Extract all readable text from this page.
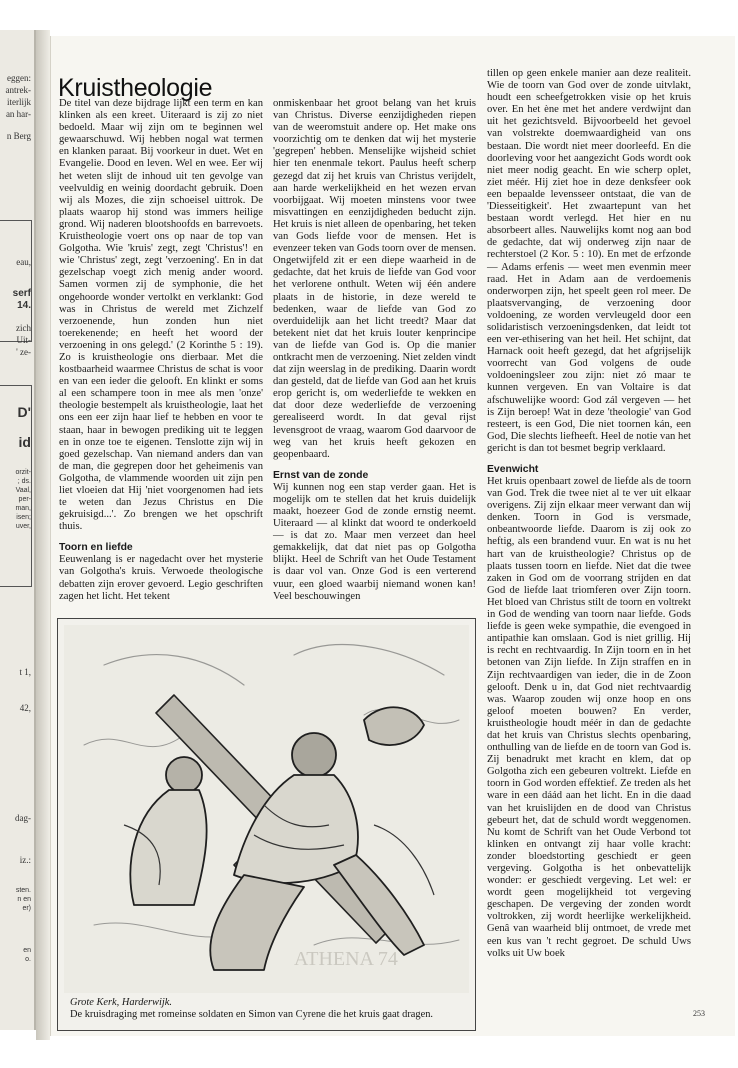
eggen:
antrek-
iterlijk
an har-
n Berg
eau,
serf
14.
zich
Uit-
' ze-
D'
id
orzit-
; ds.
Vaal,
per-
man,
isen;
uver,
t 1,
42,
dag-
iz.:
sten.
n en
er)
en
o.
Kruistheologie

De titel van deze bijdrage lijkt een term en kan klinken als een kreet. Uiteraard is zij zo niet bedoeld. Maar wij zijn om te beginnen wel gewaarschuwd. Wij hebben nogal wat termen en klanken paraat. Bij voorkeur in duet. Wet en Evangelie. Dood en leven. Wel en wee. Eer wij het weten slijt de inhoud uit ten gevolge van veelvuldig en weinig doordacht gebruik. Doen wij als Mozes, die zijn schoeisel uittrok. De plaats waarop hij stond was immers heilige grond. Wij naderen blootshoofds en barrevoets. Kruistheologie voert ons op naar de top van Golgotha. Wie 'kruis' zegt, zegt 'Christus'! en wie 'Christus' zegt, zegt 'verzoening'. En in dat gezelschap voegt zich menig ander woord. Samen vormen zij de symphonie, die het ongehoorde wonder vertolkt en verklankt: God was in Christus de wereld met Zichzelf verzoenende, hun zonden hun niet toerekenende; en heeft het woord der verzoening in ons gelegd.' (2 Korinthe 5 : 19). Zo is kruistheologie ons dierbaar. Met die kostbaarheid waarmee Christus de schat is voor en van een ieder die gelooft. En klinkt er soms al een schampere toon in mee als men 'onze' theologie bestempelt als kruistheologie, laat het ons een eer zijn haar lief te hebben en voor te staan, haar in bewogen prediking uit te leggen en in onze toe te eigenen. Tenslotte zijn wij in goed gezelschap. Van niemand anders dan van de man, die gegrepen door het geheimenis van Golgotha, de vlammende woorden uit zijn pen liet vloeien dat Hij 'niet voorgenomen had iets te weten dan Jezus Christus en Die gekruisigd...'. Zo brengen we het opschrift thuis.

Toorn en liefde

Eeuwenlang is er nagedacht over het mysterie van Golgotha's kruis. Verwoede theologische debatten zijn erover gevoerd. Legio geschriften zagen het licht. Het tekent

onmiskenbaar het groot belang van het kruis van Christus. Diverse eenzijdigheden riepen van de weeromstuit andere op. Het make ons voorzichtig om te denken dat wij het mysterie 'gegrepen' hebben. Menselijke wijsheid schiet hier ten enenmale tekort. Paulus heeft scherp gezegd dat zij het kruis van Christus verijdelt, aan harde werkelijkheid en het wezen ervan voorbijgaat. Wij moeten minstens voor twee misvattingen en eenzijdigheden beducht zijn. Het kruis is niet alleen de openbaring, het teken van Gods liefde voor de mensen. Het is evenzeer teken van Gods toorn over de mensen. Ongetwijfeld zit er een diepe waarheid in de gedachte, dat het kruis de liefde van God voor het verlorene onthult. Weten wij één andere plaats in de historie, in deze wereld te bedenken, waar de liefde van God zo overduidelijk aan het licht treedt? Maar dat betekent niet dat het kruis louter kenprincipe van de liefde van God is. Op die manier ontkracht men de verzoening. Niet zelden vindt dat zijn weerslag in de prediking. Daarin wordt dan gesteld, dat de liefde van God aan het kruis erop gericht is, om wederliefde te wekken en dat door deze wederliefde de verzoening gerealiseerd wordt. In dat geval rijst levensgroot de vraag, waarom God daarvoor de weg van het kruis heeft gekozen en geopenbaard.

Ernst van de zonde

Wij kunnen nog een stap verder gaan. Het is mogelijk om te stellen dat het kruis duidelijk maakt, hoezeer God de zonde ernstig neemt. Uiteraard — al klinkt dat woord te onderkoeld — is dat zo. Maar men verzeet dan heel gemakkelijk, dat dat niet pas op Golgotha blijkt. Heel de Schrift van het Oude Testament is daar vol van. Onze God is een verterend vuur, een gloed waarbij niemand wonen kan! Veel beschouwingen

tillen op geen enkele manier aan deze realiteit. Wie de toorn van God over de zonde uitvlakt, houdt een scheefgetrokken visie op het kruis over. En het ène met het andere verdwijnt dan uit het gezichtsveld. Bijvoorbeeld het gevoel van volstrekte doemwaardigheid van ons bestaan. Die wordt niet meer doorleefd. En die doorleving voor het aangezicht Gods wordt ook niet meer nodig geacht. En wie scherp oplet, ziet méér. Hij ziet hoe in deze denksfeer ook een bepaalde levensseer ontstaat, die van de 'Diesseitigkeit'. Het zwaartepunt van het bestaan wordt verlegd. Het hier en nu absorbeert alles. Nauwelijks komt nog aan bod de gedachte, dat wij onderweg zijn naar de rechterstoel (2 Kor. 5 : 10). En met de erfzonde — Adams erfenis — weet men evenmin meer raad. Het in Adam aan de verdoemenis onderworpen zijn, het speelt geen rol meer. De plaatsvervanging, de verzoening door voldoening, ze worden vervleugeld door een solidaristisch verzoeningsdenken, dat leidt tot een ver-ethisering van het heil. Het schijnt, dat Harnack ooit heeft gezegd, dat het afgrijselijk voorrecht van God volgens de oude voldoeningsleer zou zijn: niet zó maar te kunnen vergeven. En van Voltaire is dat afschuwelijke woord: God zál vergeven — het is Zijn beroep! Wat in deze 'theologie' van God resteert, is een God, Die niet toornen kán, een God, Die slechts liefheeft. Heel de notie van het gericht is dan tot besmet begrip verklaard.

Evenwicht

Het kruis openbaart zowel de liefde als de toorn van God. Trek die twee niet al te ver uit elkaar overigens. Zij zijn elkaar meer verwant dan wij denken. Toorn in God is versmade, onbeantwoorde liefde. Daarom is zij ook zo heftig, als een brandend vuur. En wat is nu het hart van de kruistheologie? Christus op de plaats tussen toorn en liefde. Niet dat die twee zaken in God om de voorrang strijden en dat God de liefde laat triomferen over Zijn toorn. Het bloed van Christus stilt de toorn en voltrekt in God de wending van toorn naar liefde. Gods liefde is geen weke sympathie, die evengoed in antipathie kan omslaan. God is niet grillig. Hij is recht en rechtvaardig. In Zijn toorn en in het betonen van Zijn liefde. In Zijn straffen en in Zijn rechtvaardigen van ieder, die in de Zoon gelooft. Denk u in, dat God niet rechtvaardig was. Waarop zouden wij onze hoop en ons geloof moeten bouwen? En verder, kruistheologie houdt méér in dan de gedachte dat het kruis van Christus slechts openbaring, onthulling van de liefde en de toorn van God is. Zij benadrukt met kracht en klem, dat op Golgotha zich een gebeuren voltrekt. Liefde en toorn in God worden effektief. Ze treden als het ware in een dáád aan het licht. En in die daad van het kruislijden en de dood van Christus gebeurt het, dat de schuld wordt weggenomen. Nu komt de Schrift van het Oude Verbond tot klinken en ontvangt zij haar volle kracht: zonder bloedstorting geschiedt er geen vergeving. Golgotha is het onbevattelijk wonder: er geschiedt vergeving. Let wel: er wordt geen mogelijkheid tot vergeving geschapen. De vergeving der zonden wordt voltrokken, zij wordt heerlijke werkelijkheid. Genâ van waarheid blij ontmoet, de vrede met een kus van 't recht gegroet. De schuld Uws volks uit Uw boek

ATHENA 74
Grote Kerk, Harderwijk.
De kruisdraging met romeinse soldaten en Simon van Cyrene die het kruis gaat dragen.	253
